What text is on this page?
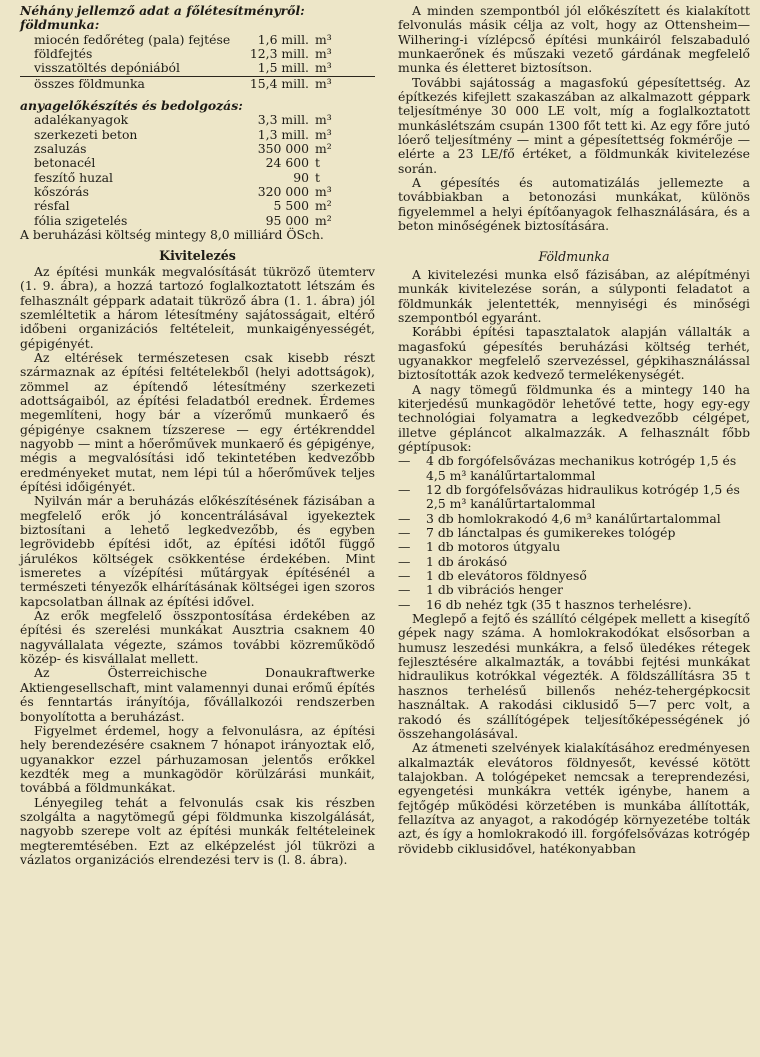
Néhány jellemző adat a főlétesítményről:
földmunka:
miocén fedőréteg (pala) fejtése	1,6 mill.	m³
földfejtés	12,3 mill.	m³
visszatöltés depóniából	1,5 mill.	m³
összes földmunka	15,4 mill.	m³
anyagelőkészítés és bedolgozás:
adalékanyagok	3,3 mill.	m³
szerkezeti beton	1,3 mill.	m³
zsaluzás	350 000	m²
betonacél	24 600	t
feszítő huzal	90	t
kőszórás	320 000	m³
résfal	5 500	m²
fólia szigetelés	95 000	m²

A beruházási költség mintegy 8,0 milliárd ÖSch.

Kivitelezés

Az építési munkák megvalósítását tükröző ütemterv (1. 9. ábra), a hozzá tartozó foglalkoztatott létszám és felhasznált géppark adatait tükröző ábra (1. 1. ábra) jól szemléltetik a három létesítmény sajátosságait, eltérő időbeni organizációs feltételeit, munkaigényességét, gépigényét.

Az eltérések természetesen csak kisebb részt származnak az építési feltételekből (helyi adottságok), zömmel az építendő létesítmény szerkezeti adottságaiból, az építési feladatból erednek. Érdemes megemlíteni, hogy bár a vízerőmű munkaerő és gépigénye csaknem tízszerese — egy értékrenddel nagyobb — mint a hőerőművek munkaerő és gépigénye, mégis a megvalósítási idő tekintetében kedvezőbb eredményeket mutat, nem lépi túl a hőerőművek teljes építési időigényét.

Nyilván már a beruházás előkészítésének fázisában a megfelelő erők jó koncentrálásával igyekeztek biztosítani a lehető legkedvezőbb, és egyben legrövidebb építési időt, az építési időtől függő járulékos költségek csökkentése érdekében. Mint ismeretes a vízépítési műtárgyak építésénél a természeti tényezők elhárításának költségei igen szoros kapcsolatban állnak az építési idővel.

Az erők megfelelő összpontosítása érdekében az építési és szerelési munkákat Ausztria csaknem 40 nagyvállalata végezte, számos további közreműködő közép- és kisvállalat mellett.

Az Österreichische Donaukraftwerke Aktiengesellschaft, mint valamennyi dunai erőmű építés és fenntartás irányítója, fővállalkozói rendszerben bonyolította a beruházást.

Figyelmet érdemel, hogy a felvonulásra, az építési hely berendezésére csaknem 7 hónapot irányoztak elő, ugyanakkor ezzel párhuzamosan jelentős erőkkel kezdték meg a munkagödör körülzárási munkáit, továbbá a földmunkákat.

Lényegileg tehát a felvonulás csak kis részben szolgálta a nagytömegű gépi földmunka kiszolgálását, nagyobb szerepe volt az építési munkák feltételeinek megteremtésében. Ezt az elképzelést jól tükrözi a vázlatos organizációs elrendezési terv is (l. 8. ábra).

A minden szempontból jól előkészített és kialakított felvonulás másik célja az volt, hogy az Ottensheim—Wilhering-i vízlépcső építési munkáiról felszabaduló munkaerőnek és műszaki vezető gárdának megfelelő munka és életteret biztosítson.

További sajátosság a magasfokú gépesítettség. Az építkezés kifejlett szakaszában az alkalmazott géppark teljesítménye 30 000 LE volt, míg a foglalkoztatott munkáslétszám csupán 1300 főt tett ki. Az egy főre jutó lóerő teljesítmény — mint a gépesítettség fokmérője — elérte a 23 LE/fő értéket, a földmunkák kivitelezése során.

A gépesítés és automatizálás jellemezte a továbbiakban a betonozási munkákat, különös figyelemmel a helyi építőanyagok felhasználására, és a beton minőségének biztosítására.

Földmunka

A kivitelezési munka első fázisában, az alépítményi munkák kivitelezése során, a súlyponti feladatot a földmunkák jelentették, mennyiségi és minőségi szempontból egyaránt.

Korábbi építési tapasztalatok alapján vállalták a magasfokú gépesítés beruházási költség terhét, ugyanakkor megfelelő szervezéssel, gépkihasználással biztosították azok kedvező termelékenységét.

A nagy tömegű földmunka és a mintegy 140 ha kiterjedésű munkagödör lehetővé tette, hogy egy-egy technológiai folyamatra a legkedvezőbb célgépet, illetve gépláncot alkalmazzák. A felhasznált főbb géptípusok:

— 4 db forgófelsővázas mechanikus kotrógép 1,5 és 4,5 m³ kanálűrtartalommal
— 12 db forgófelsővázas hidraulikus kotrógép 1,5 és 2,5 m³ kanálűrtartalommal
— 3 db homlokrakodó 4,6 m³ kanálűrtartalommal
— 7 db lánctalpas és gumikerekes tológép
— 1 db motoros útgyalu
— 1 db árokásó
— 1 db elevátoros földnyeső
— 1 db vibrációs henger
— 16 db nehéz tgk (35 t hasznos terhelésre).

Meglepő a fejtő és szállító célgépek mellett a kisegítő gépek nagy száma. A homlokrakodókat elsősorban a humusz leszedési munkákra, a felső üledékes rétegek fejlesztésére alkalmazták, a további fejtési munkákat hidraulikus kotrókkal végezték. A földszállításra 35 t hasznos terhelésű billenős nehéz-tehergépkocsit használtak. A rakodási ciklusidő 5—7 perc volt, a rakodó és szállítógépek teljesítőképességének jó összehangolásával.

Az átmeneti szelvények kialakításához eredményesen alkalmazták elevátoros földnyesőt, kevéssé kötött talajokban. A tológépeket nemcsak a tereprendezési, egyengetési munkákra vették igénybe, hanem a fejtőgép működési körzetében is munkába állították, fellazítva az anyagot, a rakodógép környezetébe tolták azt, és így a homlokrakodó ill. forgófelsővázas kotrógép rövidebb ciklusidővel, hatékonyabban
